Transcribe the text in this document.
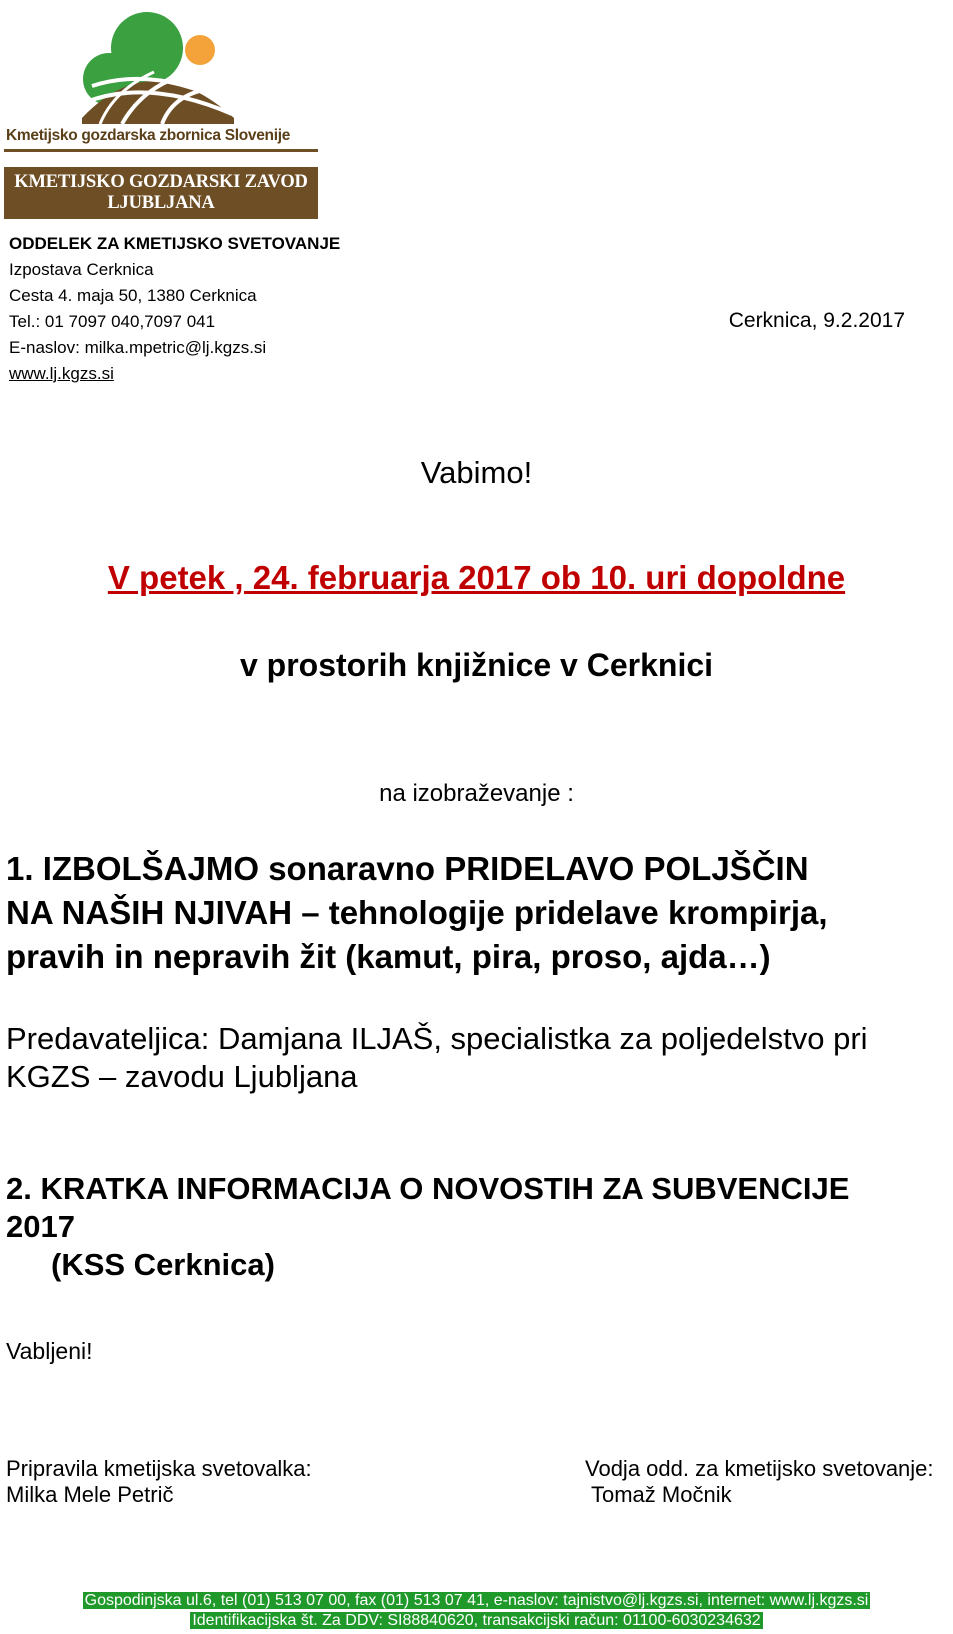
Kmetijsko gozdarska zbornica Slovenije
KMETIJSKO GOZDARSKI ZAVOD
LJUBLJANA
ODDELEK ZA KMETIJSKO SVETOVANJE
Izpostava Cerknica
Cesta 4. maja 50, 1380 Cerknica
Tel.: 01 7097 040,7097 041
E-naslov: milka.mpetric@lj.kgzs.si
www.lj.kgzs.si
Cerknica, 9.2.2017
Vabimo!
V petek , 24. februarja 2017 ob 10. uri dopoldne
v prostorih knjižnice v Cerknici
na izobraževanje :
1. IZBOLŠAJMO sonaravno PRIDELAVO POLJŠČIN
NA NAŠIH NJIVAH – tehnologije pridelave krompirja,
pravih in nepravih žit (kamut, pira, proso, ajda…)
Predavateljica: Damjana ILJAŠ, specialistka za poljedelstvo pri
KGZS – zavodu Ljubljana
2. KRATKA INFORMACIJA O NOVOSTIH ZA SUBVENCIJE
2017
(KSS Cerknica)
Vabljeni!
Pripravila kmetijska svetovalka:
Milka Mele Petrič
Vodja odd. za kmetijsko svetovanje:
Tomaž Močnik
Gospodinjska ul.6, tel (01) 513 07 00, fax (01) 513 07 41, e-naslov: tajnistvo@lj.kgzs.si, internet: www.lj.kgzs.si
Identifikacijska št. Za DDV: SI88840620, transakcijski račun: 01100-6030234632
